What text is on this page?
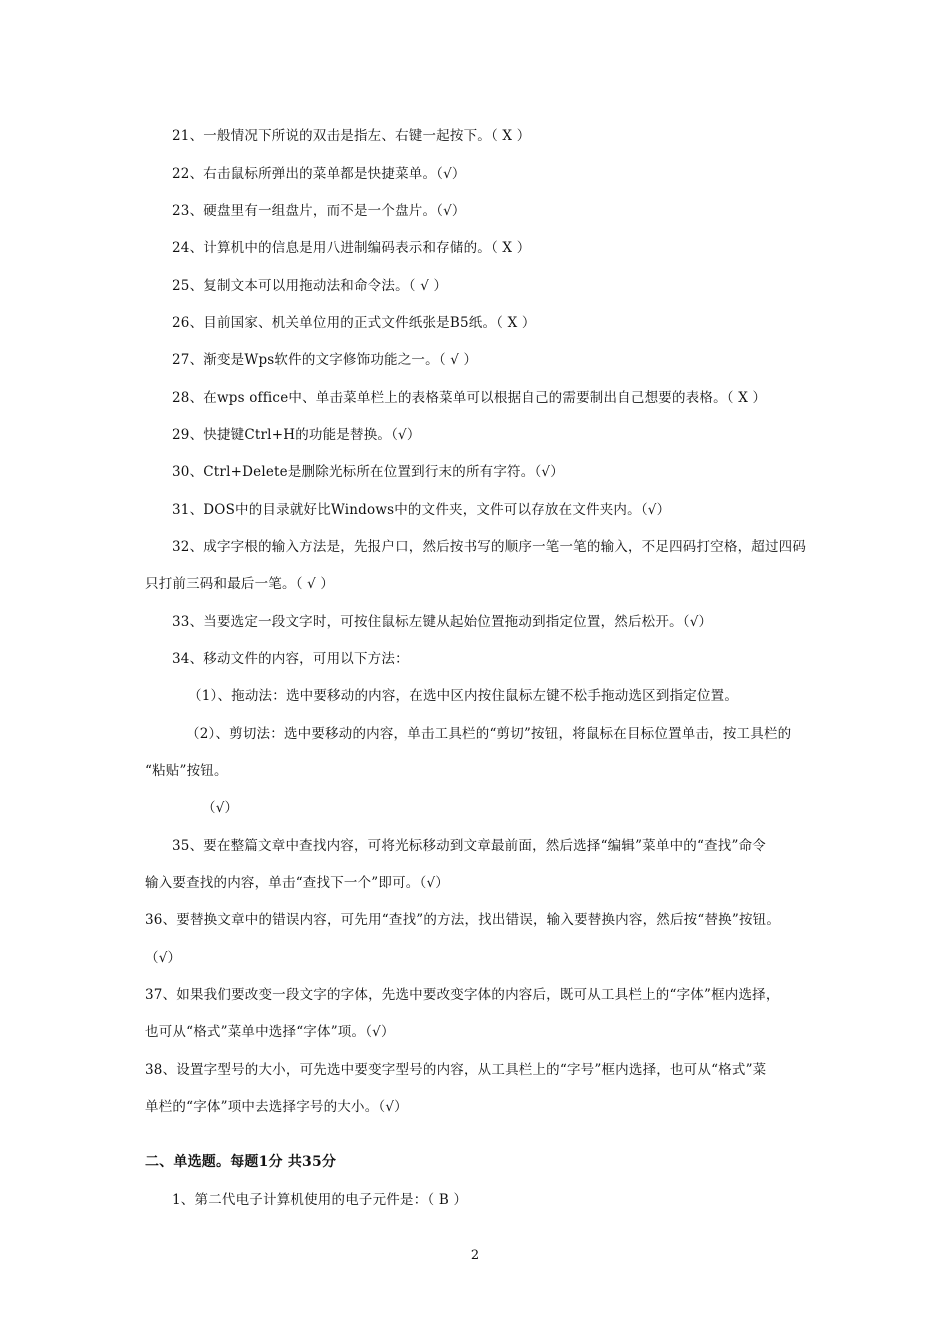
21、一般情况下所说的双击是指左、右键一起按下。（ X ）
22、右击鼠标所弹出的菜单都是快捷菜单。（√）
23、硬盘里有一组盘片，而不是一个盘片。（√）
24、计算机中的信息是用八进制编码表示和存储的。（ X ）
25、复制文本可以用拖动法和命令法。（ √ ）
26、目前国家、机关单位用的正式文件纸张是B5纸。（ X ）
27、渐变是Wps软件的文字修饰功能之一。（ √ ）
28、在wps office中、单击菜单栏上的表格菜单可以根据自己的需要制出自己想要的表格。（ X ）
29、快捷键Ctrl+H的功能是替换。（√）
30、Ctrl+Delete是删除光标所在位置到行末的所有字符。（√）
31、DOS中的目录就好比Windows中的文件夹，文件可以存放在文件夹内。（√）
32、成字字根的输入方法是，先报户口，然后按书写的顺序一笔一笔的输入，不足四码打空格，超过四码
只打前三码和最后一笔。（ √ ）
33、当要选定一段文字时，可按住鼠标左键从起始位置拖动到指定位置，然后松开。（√）
34、移动文件的内容，可用以下方法：
（1）、拖动法：选中要移动的内容，在选中区内按住鼠标左键不松手拖动选区到指定位置。
（2）、剪切法：选中要移动的内容，单击工具栏的“剪切”按钮，将鼠标在目标位置单击，按工具栏的
“粘贴”按钮。
（√）
35、要在整篇文章中查找内容，可将光标移动到文章最前面，然后选择“编辑”菜单中的“查找”命令
输入要查找的内容，单击“查找下一个”即可。（√）
36、要替换文章中的错误内容，可先用“查找”的方法，找出错误，输入要替换内容，然后按“替换”按钮。
（√）
37、如果我们要改变一段文字的字体，先选中要改变字体的内容后，既可从工具栏上的“字体”框内选择，
也可从“格式”菜单中选择“字体”项。（√）
38、设置字型号的大小，可先选中要变字型号的内容，从工具栏上的“字号”框内选择，也可从“格式”菜
单栏的“字体”项中去选择字号的大小。（√）
二、单选题。每题1分 共35分
1、第二代电子计算机使用的电子元件是：（ B ）
2
